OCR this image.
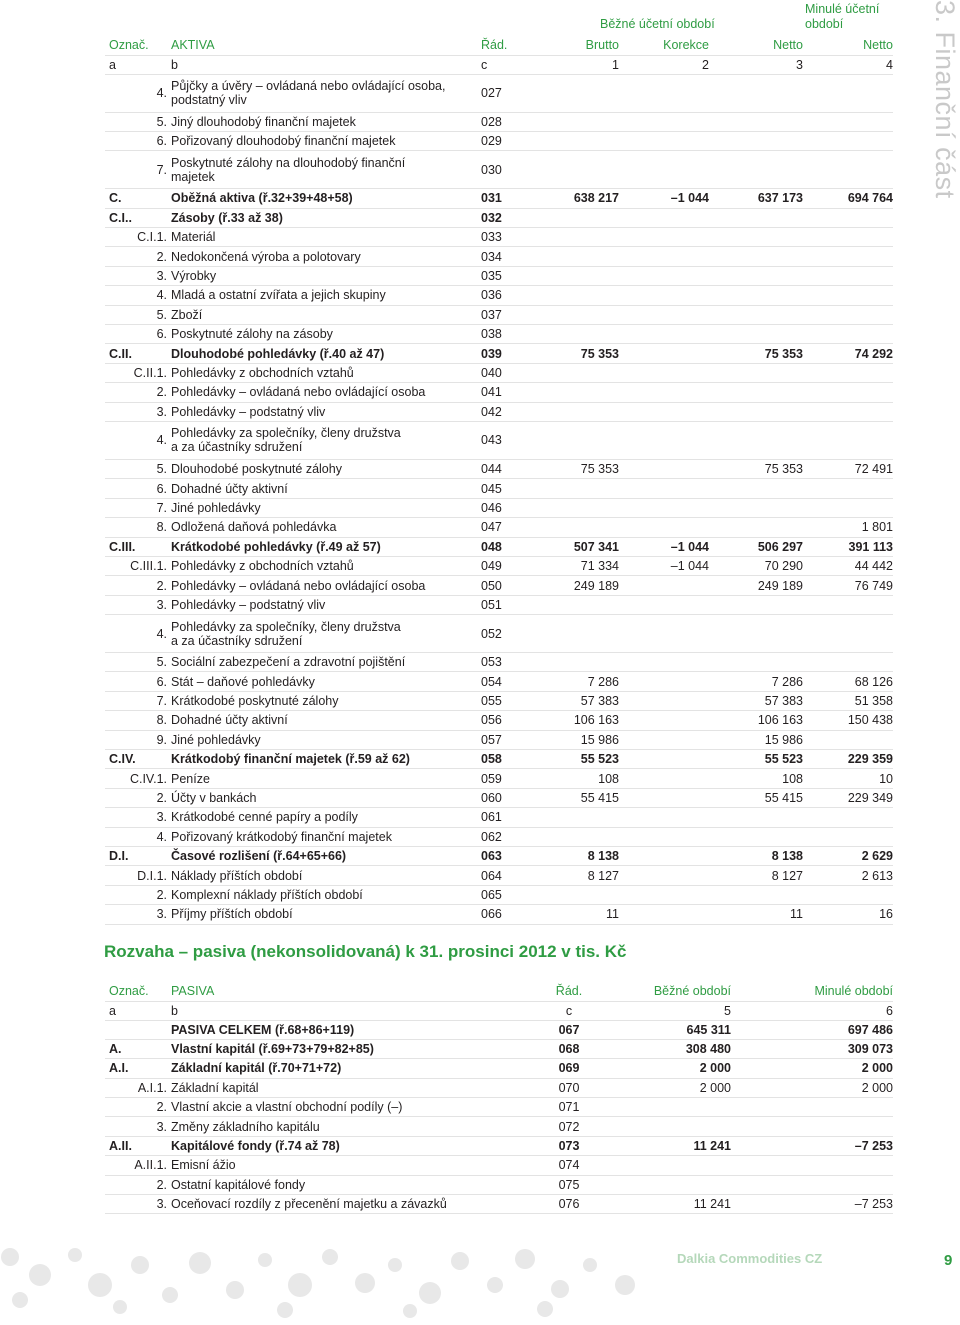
3. Finanční část
Běžné účetní období
Minulé účetní období
Označ.	AKTIVA	Řád.	Brutto	Korekce	Netto	Netto
a	b	c	1	2	3	4
4.	Půjčky a úvěry – ovládaná nebo ovládající osoba,
podstatný vliv	027				
5.	Jiný dlouhodobý finanční majetek	028				
6.	Pořizovaný dlouhodobý finanční majetek	029				
7.	Poskytnuté zálohy na dlouhodobý finanční
majetek	030				
C.	Oběžná aktiva (ř.32+39+48+58)	031	638 217	–1 044	637 173	694 764
C.I..	Zásoby (ř.33 až 38)	032				
C.I.1.	Materiál	033				
2.	Nedokončená výroba a polotovary	034				
3.	Výrobky	035				
4.	Mladá a ostatní zvířata a jejich skupiny	036				
5.	Zboží	037				
6.	Poskytnuté zálohy na zásoby	038				
C.II.	Dlouhodobé pohledávky (ř.40 až 47)	039	75 353		75 353	74 292
C.II.1.	Pohledávky z obchodních vztahů	040				
2.	Pohledávky – ovládaná nebo ovládající osoba	041				
3.	Pohledávky – podstatný vliv	042				
4.	Pohledávky za společníky, členy družstva
a za účastníky sdružení	043				
5.	Dlouhodobé poskytnuté zálohy	044	75 353		75 353	72 491
6.	Dohadné účty aktivní	045				
7.	Jiné pohledávky	046				
8.	Odložená daňová pohledávka	047				1 801
C.III.	Krátkodobé pohledávky (ř.49 až 57)	048	507 341	–1 044	506 297	391 113
C.III.1.	Pohledávky z obchodních vztahů	049	71 334	–1 044	70 290	44 442
2.	Pohledávky – ovládaná nebo ovládající osoba	050	249 189		249 189	76 749
3.	Pohledávky – podstatný vliv	051				
4.	Pohledávky za společníky, členy družstva
a za účastníky sdružení	052				
5.	Sociální zabezpečení a zdravotní pojištění	053				
6.	Stát – daňové pohledávky	054	7 286		7 286	68 126
7.	Krátkodobé poskytnuté zálohy	055	57 383		57 383	51 358
8.	Dohadné účty aktivní	056	106 163		106 163	150 438
9.	Jiné pohledávky	057	15 986		15 986	
C.IV.	Krátkodobý finanční majetek (ř.59 až 62)	058	55 523		55 523	229 359
C.IV.1.	Peníze	059	108		108	10
2.	Účty v bankách	060	55 415		55 415	229 349
3.	Krátkodobé cenné papíry a podíly	061				
4.	Pořizovaný krátkodobý finanční majetek	062				
D.I.	Časové rozlišení (ř.64+65+66)	063	8 138		8 138	2 629
D.I.1.	Náklady příštích období	064	8 127		8 127	2 613
2.	Komplexní náklady příštích období	065				
3.	Příjmy příštích období	066	11		11	16
Rozvaha – pasiva (nekonsolidovaná) k 31. prosinci 2012 v tis. Kč
Označ.	PASIVA	Řád.	Běžné období	Minulé období
a	b	c	5	6
	PASIVA CELKEM (ř.68+86+119)	067	645 311	697 486
A.	Vlastní kapitál (ř.69+73+79+82+85)	068	308 480	309 073
A.I.	Základní kapitál (ř.70+71+72)	069	2 000	2 000
A.I.1.	Základní kapitál	070	2 000	2 000
2.	Vlastní akcie a vlastní obchodní podíly (–)	071		
3.	Změny základního kapitálu	072		
A.II.	Kapitálové fondy (ř.74 až 78)	073	11 241	–7 253
A.II.1.	Emisní ážio	074		
2.	Ostatní kapitálové fondy	075		
3.	Oceňovací rozdíly z přecenění majetku a závazků	076	11 241	–7 253
Dalkia Commodities CZ	9
